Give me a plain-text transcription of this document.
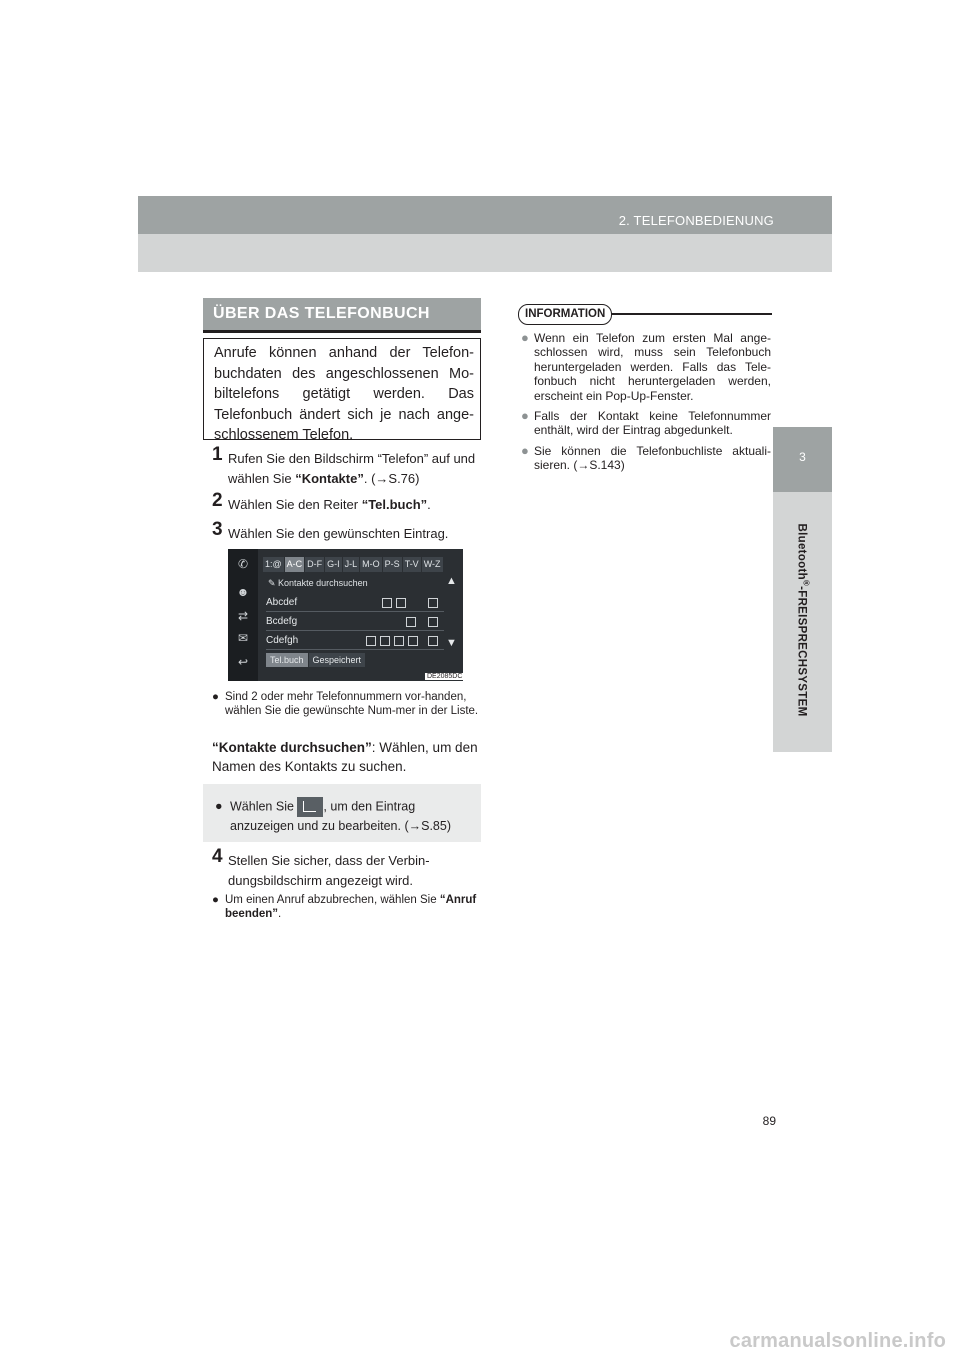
2. TELEFONBEDIENUNG
3
Bluetooth®-FREISPRECHSYSTEM
ÜBER DAS TELEFONBUCH
Anrufe können anhand der Telefon-buchdaten des angeschlossenen Mo-biltelefons getätigt werden. Das Telefonbuch ändert sich je nach ange-schlossenem Telefon.
1 Rufen Sie den Bildschirm “Telefon” auf und wählen Sie “Kontakte”. (→S.76)
2 Wählen Sie den Reiter “Tel.buch”.
3 Wählen Sie den gewünschten Eintrag.
✆
☻
⇄
✉
↩
1:@ A-C D-F G-I J-L M-O P-S T-V W-Z
✎ Kontakte durchsuchen
Abcdef
Bcdefg
Cdefgh
▲
▼
Tel.buch	Gespeichert
DE2085DC
● Sind 2 oder mehr Telefonnummern vor-handen, wählen Sie die gewünschte Num-mer in der Liste.
“Kontakte durchsuchen”: Wählen, um den Namen des Kontakts zu suchen.
● Wählen Sie , um den Eintrag anzuzeigen und zu bearbeiten. (→S.85)
4 Stellen Sie sicher, dass der Verbin-dungsbildschirm angezeigt wird.
● Um einen Anruf abzubrechen, wählen Sie “Anruf beenden”.
INFORMATION
● Wenn ein Telefon zum ersten Mal ange-schlossen wird, muss sein Telefonbuch heruntergeladen werden. Falls das Tele-fonbuch nicht heruntergeladen werden, erscheint ein Pop-Up-Fenster.
● Falls der Kontakt keine Telefonnummer enthält, wird der Eintrag abgedunkelt.
● Sie können die Telefonbuchliste aktuali-sieren. (→S.143)
89
carmanualsonline.info
